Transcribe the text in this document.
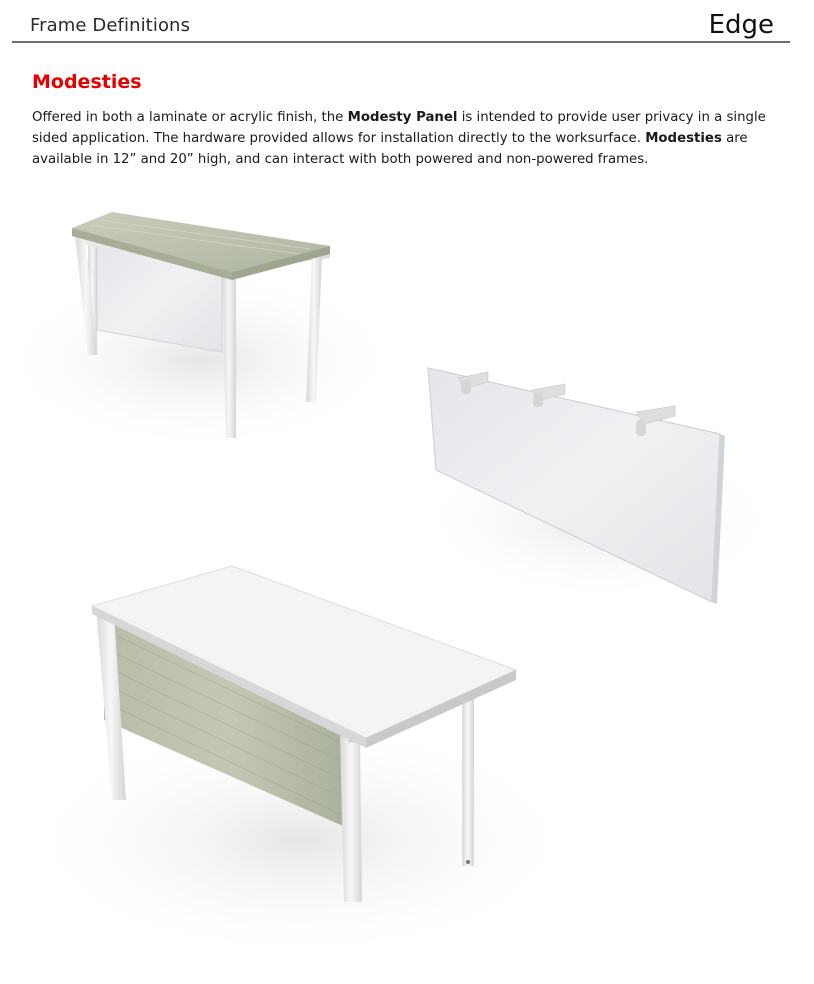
Frame Definitions	Edge
Modesties

Offered in both a laminate or acrylic finish, the Modesty Panel is intended to provide user privacy in a single sided application. The hardware provided allows for installation directly to the worksurface. Modesties are available in 12” and 20” high, and can interact with both powered and non-powered frames.
